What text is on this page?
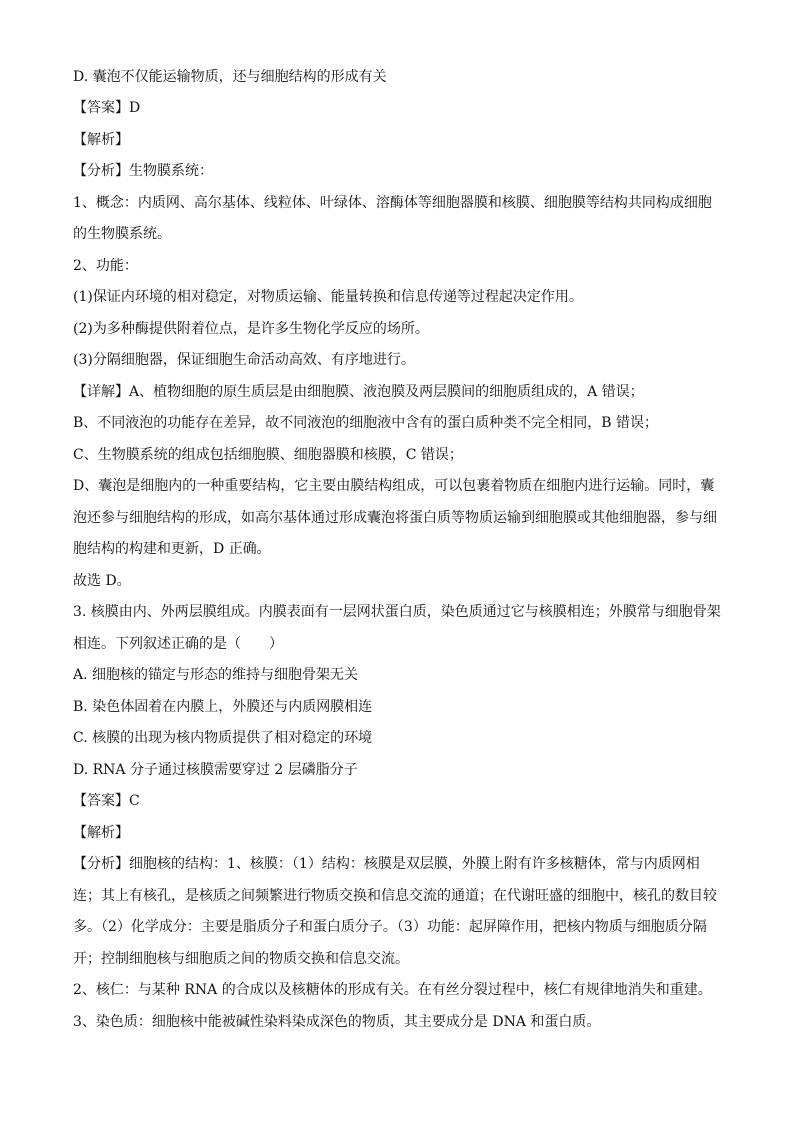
D. 囊泡不仅能运输物质，还与细胞结构的形成有关
【答案】D
【解析】
【分析】生物膜系统：
1、概念：内质网、高尔基体、线粒体、叶绿体、溶酶体等细胞器膜和核膜、细胞膜等结构共同构成细胞
的生物膜系统。
2、功能：
(1)保证内环境的相对稳定，对物质运输、能量转换和信息传递等过程起决定作用。
(2)为多种酶提供附着位点，是许多生物化学反应的场所。
(3)分隔细胞器，保证细胞生命活动高效、有序地进行。
【详解】A、植物细胞的原生质层是由细胞膜、液泡膜及两层膜间的细胞质组成的，A 错误；
B、不同液泡的功能存在差异，故不同液泡的细胞液中含有的蛋白质种类不完全相同，B 错误；
C、生物膜系统的组成包括细胞膜、细胞器膜和核膜，C 错误；
D、囊泡是细胞内的一种重要结构，它主要由膜结构组成，可以包裹着物质在细胞内进行运输。同时，囊
泡还参与细胞结构的形成，如高尔基体通过形成囊泡将蛋白质等物质运输到细胞膜或其他细胞器，参与细
胞结构的构建和更新，D 正确。
故选 D。
3. 核膜由内、外两层膜组成。内膜表面有一层网状蛋白质，染色质通过它与核膜相连；外膜常与细胞骨架
相连。下列叙述正确的是（　　）
A. 细胞核的锚定与形态的维持与细胞骨架无关
B. 染色体固着在内膜上，外膜还与内质网膜相连
C. 核膜的出现为核内物质提供了相对稳定的环境
D. RNA 分子通过核膜需要穿过 2 层磷脂分子
【答案】C
【解析】
【分析】细胞核的结构：1、核膜：（1）结构：核膜是双层膜，外膜上附有许多核糖体，常与内质网相
连；其上有核孔，是核质之间频繁进行物质交换和信息交流的通道；在代谢旺盛的细胞中，核孔的数目较
多。（2）化学成分：主要是脂质分子和蛋白质分子。（3）功能：起屏障作用，把核内物质与细胞质分隔
开；控制细胞核与细胞质之间的物质交换和信息交流。
2、核仁：与某种 RNA 的合成以及核糖体的形成有关。在有丝分裂过程中，核仁有规律地消失和重建。
3、染色质：细胞核中能被碱性染料染成深色的物质，其主要成分是 DNA 和蛋白质。
